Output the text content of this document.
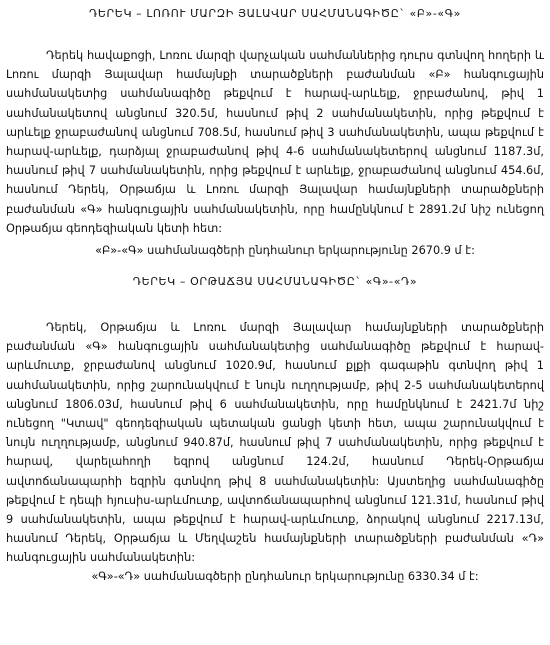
ԴԵՐԵԿ – ԼՈՌՈՒ ՄԱՐԶԻ ՅԱԼԱՎԱՐ ՍԱՀՄԱՆԱԳԻԾԸ` «Բ»-«Գ»

Դերեկ հավաքոցի, Լոռու մարզի վարչական սահմաններից դուրս գտնվող հողերի և Լոռու մարզի Յալավար համայնքի տարածքների բաժանման «Բ» հանգուցային սահմանակետից սահմանագիծը թեքվում է հարավ-արևելք, ջրբաժանով, թիվ 1 սահմանակետով անցնում 320.5մ, հասնում թիվ 2 սահմանակետին, որից թեքվում է արևելք ջրաբաժանով անցնում 708.5մ, հասնում թիվ 3 սահմանակետին, ապա թեքվում է հարավ-արևելք, դարձյալ ջրաբաժանով թիվ 4-6 սահմանակետերով անցնում 1187.3մ, հասնում թիվ 7 սահմանակետին, որից թեքվում է արևելք, ջրաբաժանով անցնում 454.6մ, հասնում Դերեկ, Օրթաճյա և Լոռու մարզի Յալավար համայնքների տարածքների բաժանման «Գ» հանգուցային սահմանակետին, որը համընկնում է 2891.2մ նիշ ունեցող Օրթաճյա գեոդեզիական կետի հետ:

«Բ»-«Գ» սահմանագծերի ընդհանուր երկարությունը 2670.9 մ է:

ԴԵՐԵԿ – ՕՐԹԱՃՅԱ ՍԱՀՄԱՆԱԳԻԾԸ` «Գ»-«Դ»

Դերեկ, Օրթաճյա և Լոռու մարզի Յալավար համայնքների տարածքների բաժանման «Գ» հանգուցային սահմանակետից սահմանագիծը թեքվում է հարավ-արևմուտք, ջրբաժանով անցնում 1020.9մ, հասնում քլքի գագաթին գտնվող թիվ 1 սահմանակետին, որից շարունակվում է նույն ուղղությամբ, թիվ 2-5 սահմանակետերով անցնում 1806.03մ, հասնում թիվ 6 սահմանակետին, որը համընկնում է 2421.7մ նիշ ունեցող "Կտավ" գեոդեզիական պետական ցանցի կետի հետ, ապա շարունակվում է նույն ուղղությամբ, անցնում 940.87մ, հասնում թիվ 7 սահմանակետին, որից թեքվում է հարավ, վարելահողի եզրով անցնում 124.2մ, հասնում Դերեկ-Օրթաճյա ավտոճանապարհի եզրին գտնվող թիվ 8 սահմանակետին: Այստեղից սահմանագիծը թեքվում է դեպի հյուսիս-արևմուտք, ավտոճանապարհով անցնում 121.31մ, հասնում թիվ 9 սահմանակետին, ապա թեքվում է հարավ-արևմուտք, ձորակով անցնում 2217.13մ, հասնում Դերեկ, Օրթաճյա և Մեղվաշեն համայնքների տարածքների բաժանման «Դ» հանգուցային սահմանակետին:

«Գ»-«Դ» սահմանագծերի ընդհանուր երկարությունը 6330.34 մ է:
